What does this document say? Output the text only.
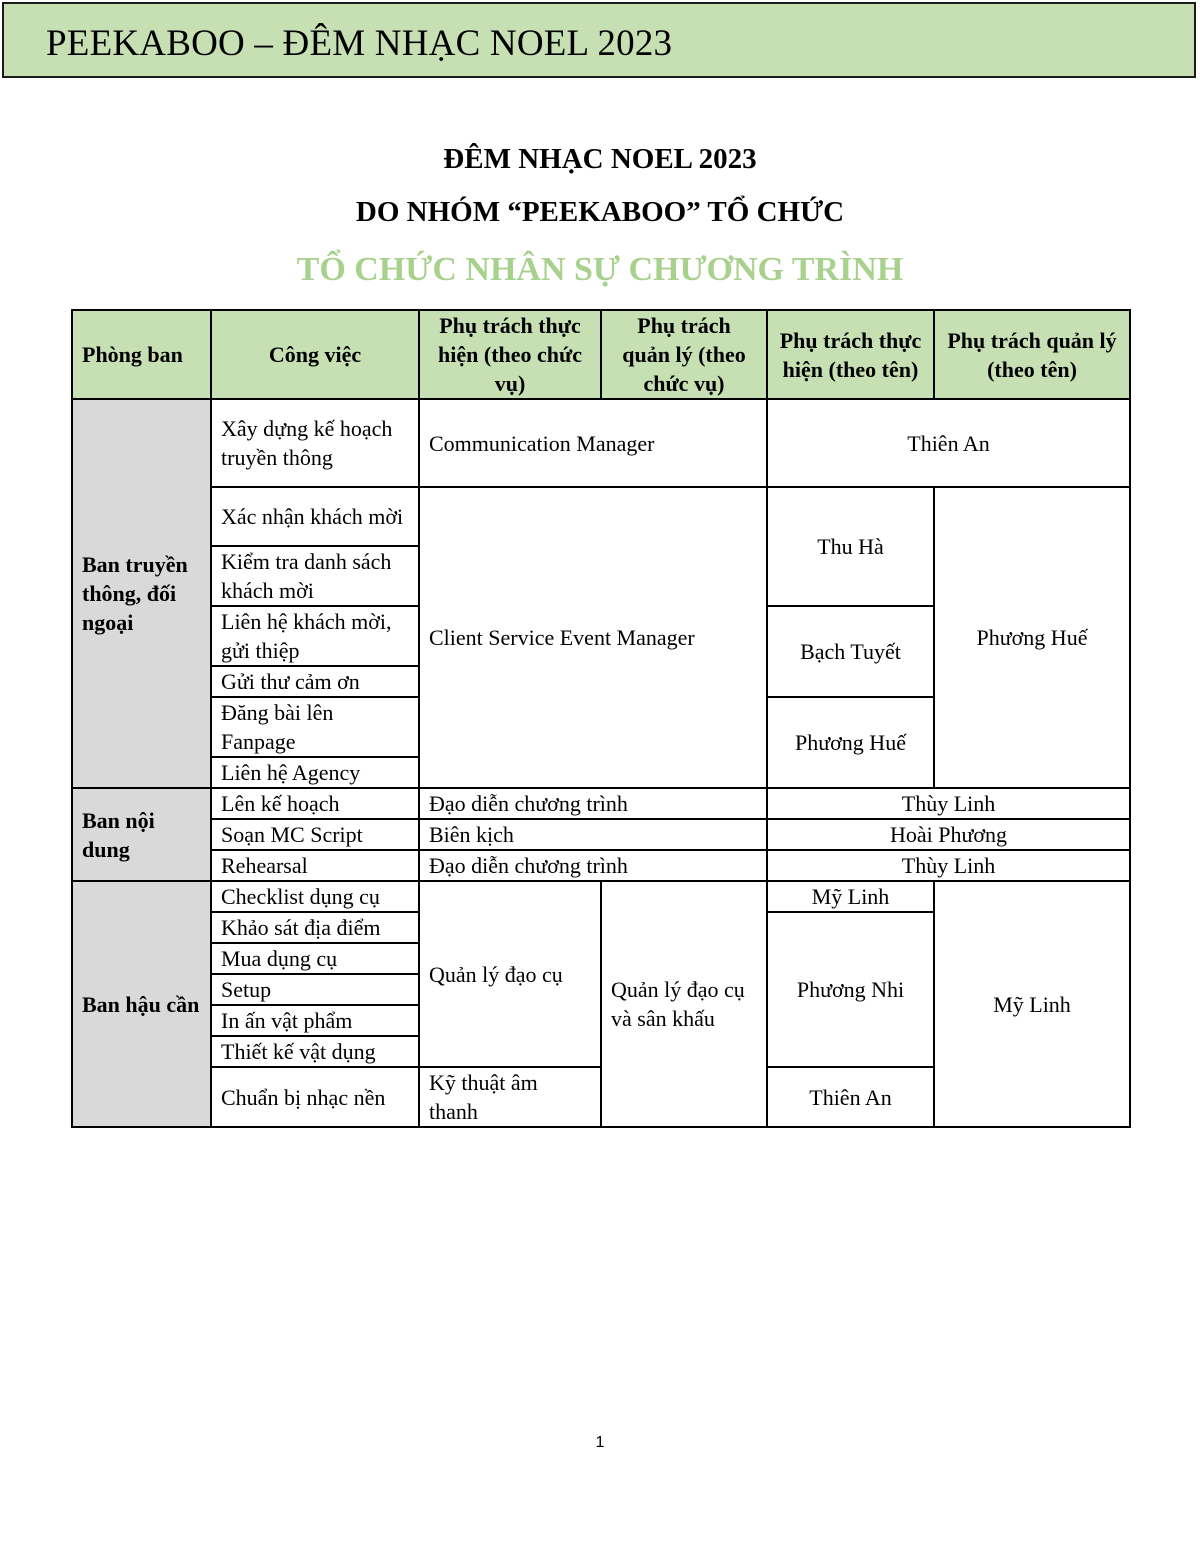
PEEKABOO – ĐÊM NHẠC NOEL 2023
ĐÊM NHẠC NOEL 2023
DO NHÓM “PEEKABOO” TỔ CHỨC
TỔ CHỨC NHÂN SỰ CHƯƠNG TRÌNH
Phòng ban	Công việc	Phụ trách thực hiện (theo chức vụ)	Phụ trách quản lý (theo chức vụ)	Phụ trách thực hiện (theo tên)	Phụ trách quản lý (theo tên)
Ban truyền thông, đối ngoại	Xây dựng kế hoạch truyền thông	Communication Manager		Thiên An	
	Xác nhận khách mời	Client Service Event Manager		Thu Hà	Phương Huế
	Kiểm tra danh sách khách mời				
	Liên hệ khách mời, gửi thiệp			Bạch Tuyết	
	Gửi thư cảm ơn				
	Đăng bài lên Fanpage			Phương Huế	
	Liên hệ Agency				
Ban nội dung	Lên kế hoạch	Đạo diễn chương trình		Thùy Linh	
	Soạn MC Script	Biên kịch		Hoài Phương	
	Rehearsal	Đạo diễn chương trình		Thùy Linh	
Ban hậu cần	Checklist dụng cụ	Quản lý đạo cụ	Quản lý đạo cụ và sân khấu	Mỹ Linh	Mỹ Linh
	Khảo sát địa điểm			Phương Nhi	
	Mua dụng cụ				
	Setup				
	In ấn vật phẩm				
	Thiết kế vật dụng				
	Chuẩn bị nhạc nền	Kỹ thuật âm thanh		Thiên An	
1
